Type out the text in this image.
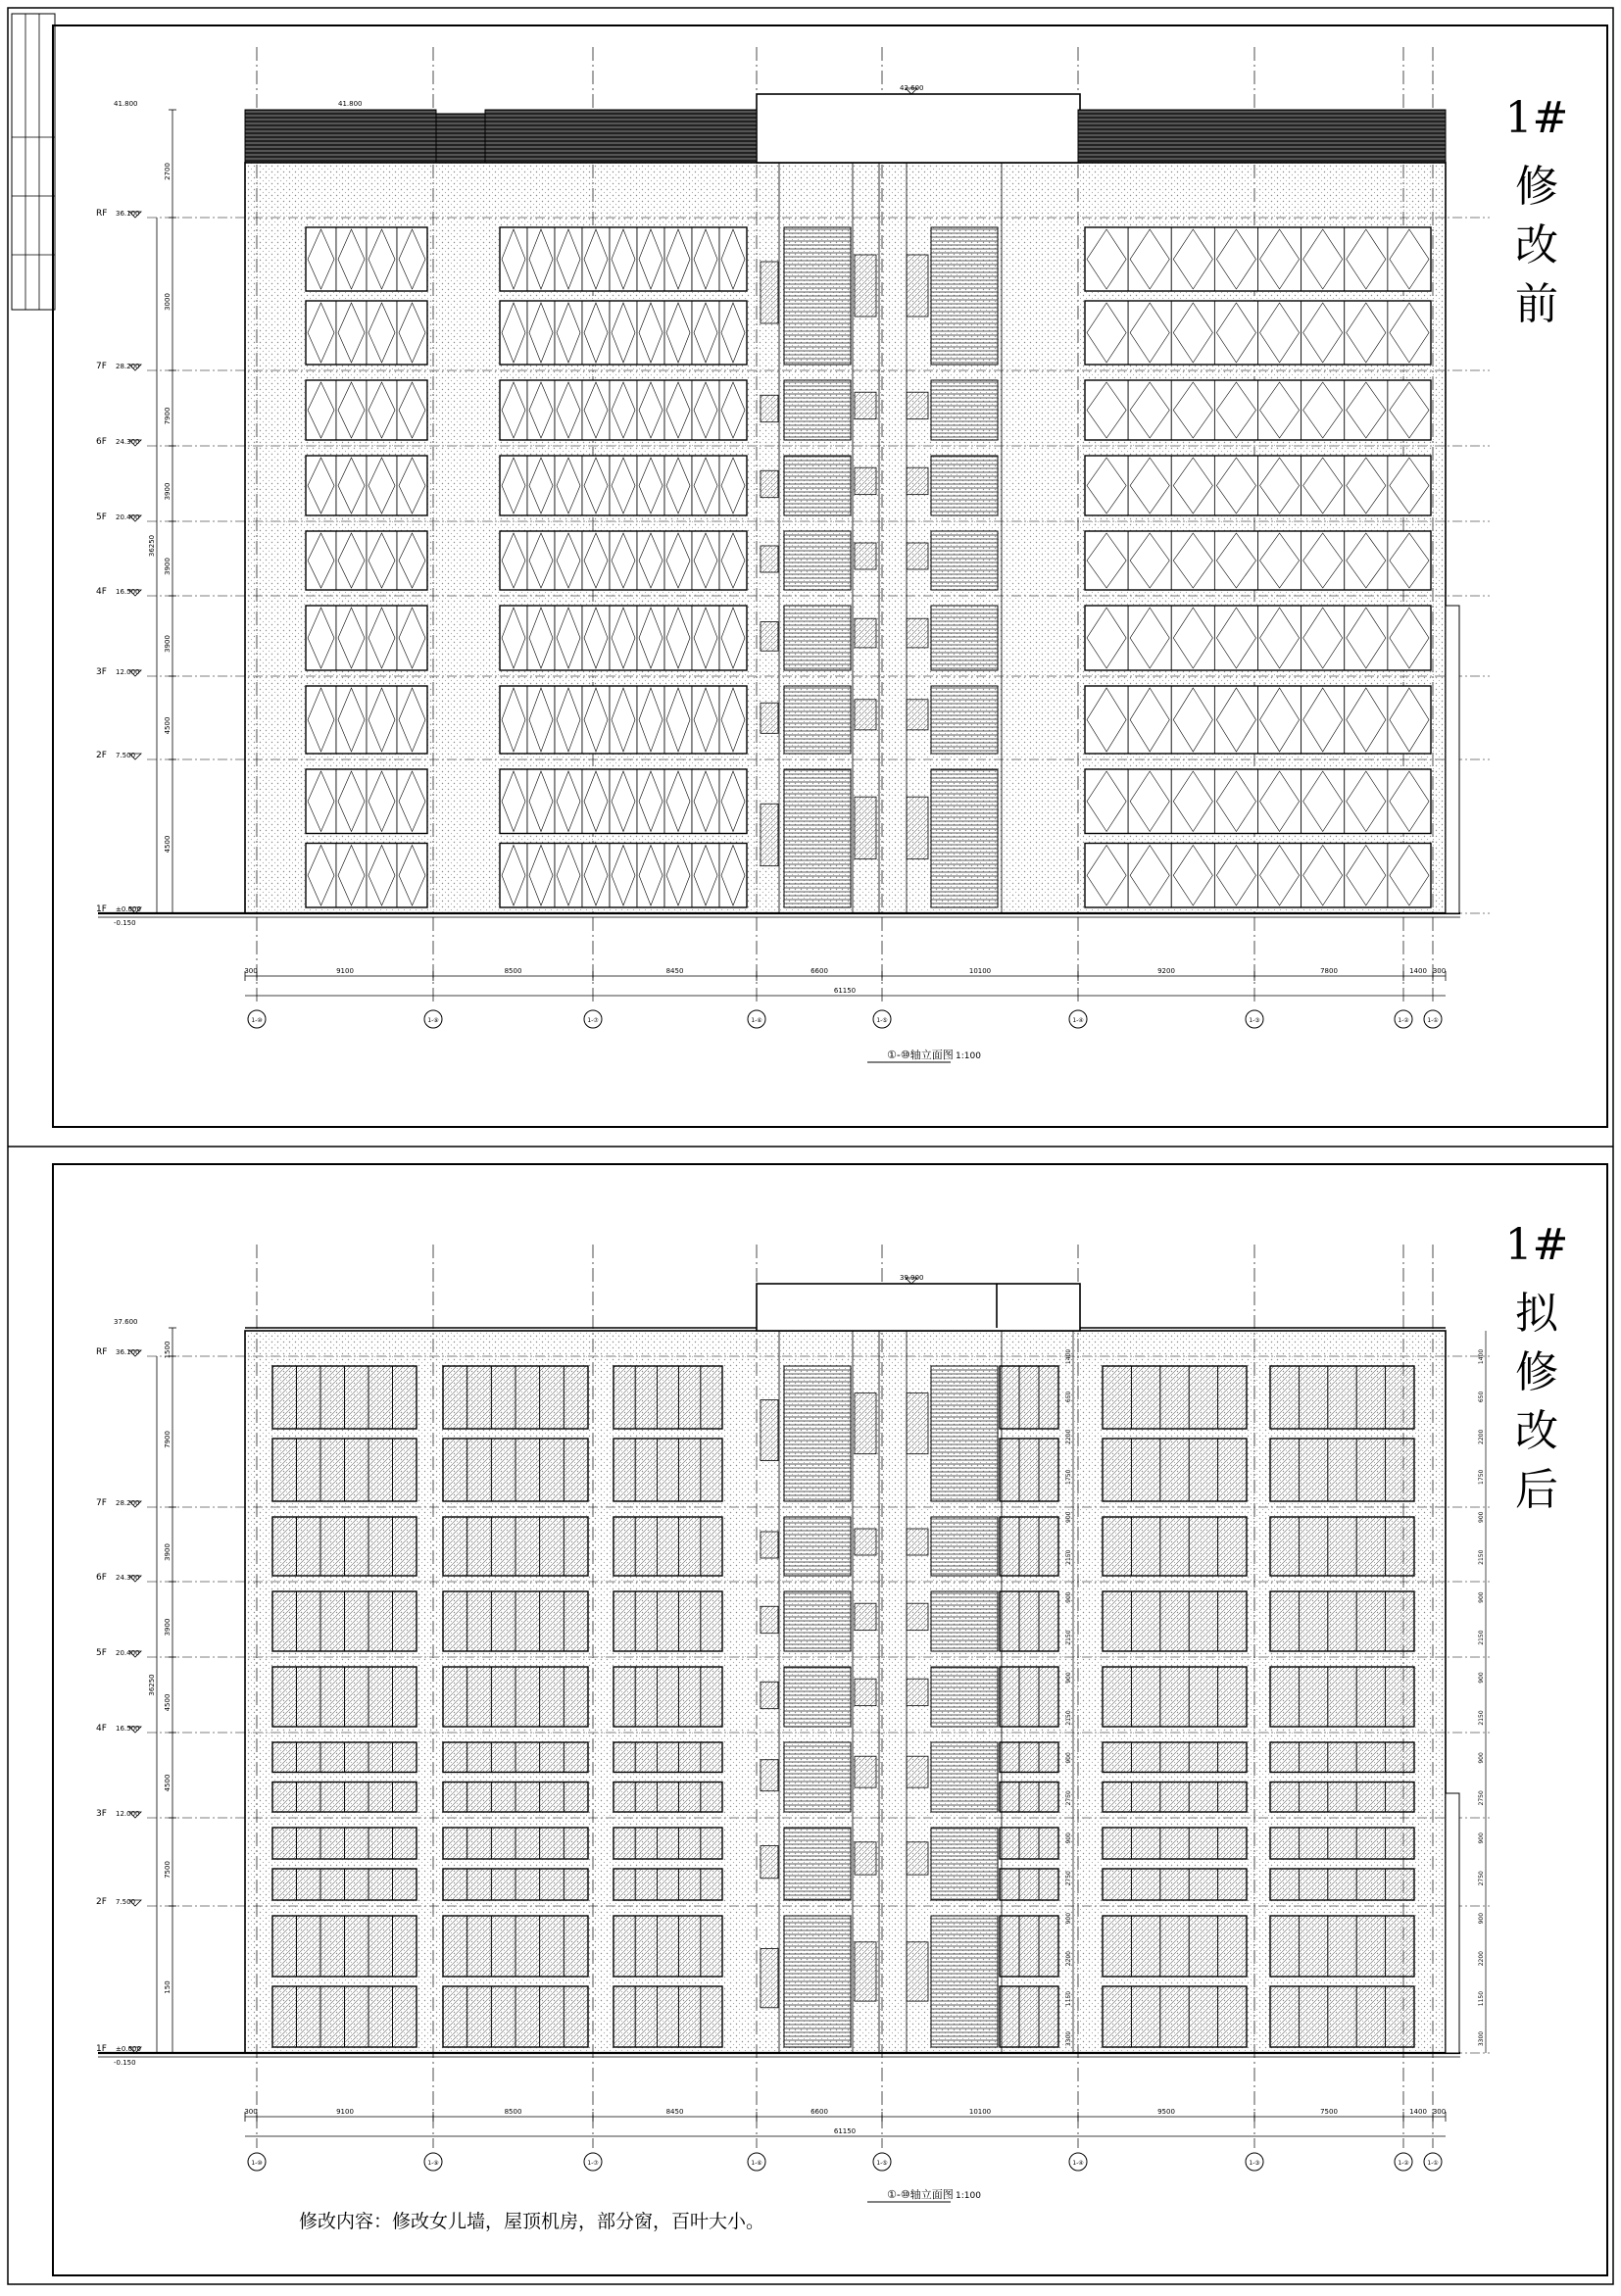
1#
修
改
前
1#
拟
修
改
后
①-⑩轴立面图 1:100
①-⑩轴立面图 1:100
修改内容：修改女儿墙，屋顶机房，部分窗，百叶大小。
RF 36.100
7F 28.200
6F 24.300
5F 20.400
4F 16.500
3F 12.000
2F 7.500
1F ±0.000
-0.150
41.800	41.800
42.600
2700
3000
7900
3900
3900
3900
4500
4500
36250
300	9100	8500	8450	6600	10100	9200	7800	1400 300
61150
1-⑩	1-⑨	1-⑦	1-⑥	1-⑤	1-④	1-③	1-②	1-①
RF 36.100
7F 28.200
6F 24.300
5F 20.400
4F 16.500
3F 12.000
2F 7.500
1F ±0.000
-0.150
37.600
39.900
1500
7900
3900
3900
4500
4500
7500
150
36250
1400	1400
650	650
2200	2200
1750	1750
900	900
2150	2150
900	900
2150	2150
900	900
2150	2150
900	900
2750	2750
900	900
2750	2750
900	900
2200	2200
1150	1150
3300	3300
300	9100	8500	8450	6600	10100	9500	7500	1400 300
61150
1-⑩	1-⑨	1-⑦	1-⑥	1-⑤	1-④	1-③	1-②	1-①
